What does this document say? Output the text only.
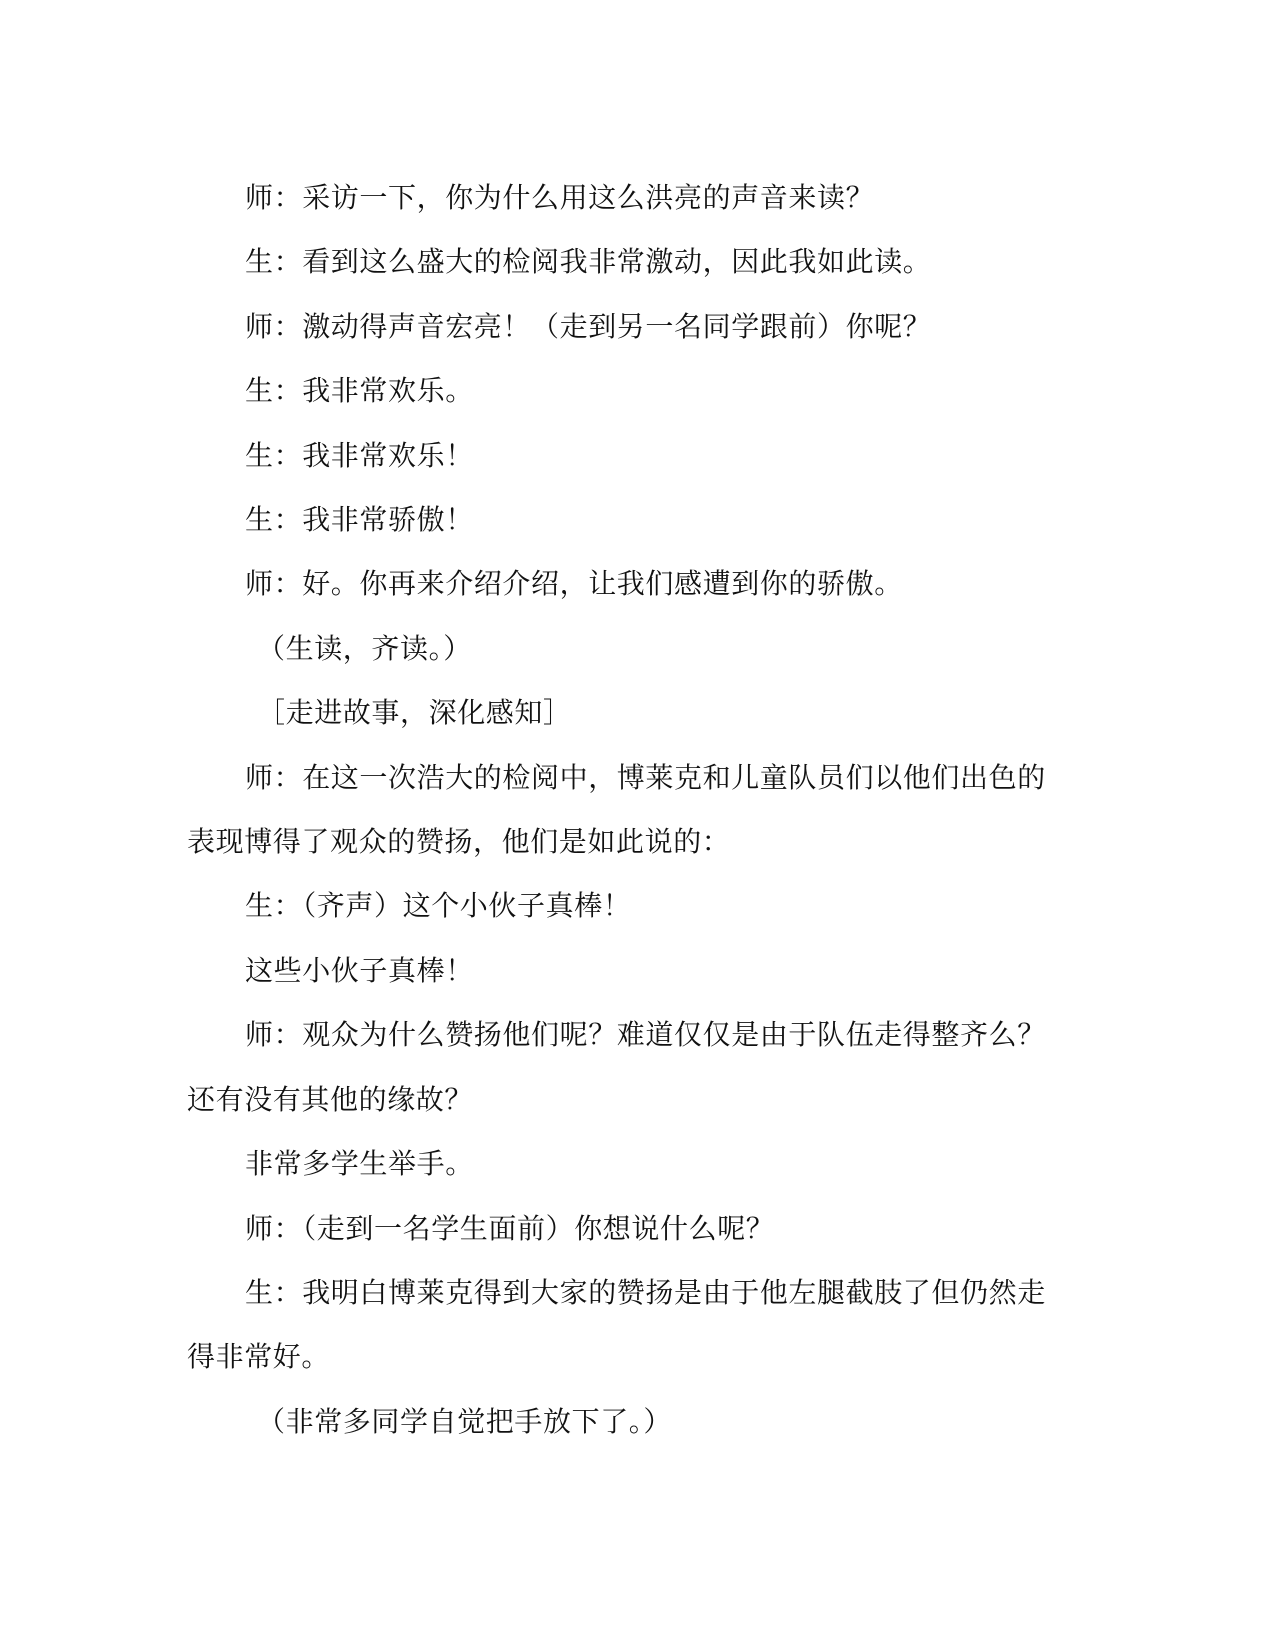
师：采访一下，你为什么用这么洪亮的声音来读？

生：看到这么盛大的检阅我非常激动，因此我如此读。

师：激动得声音宏亮！（走到另一名同学跟前）你呢？

生：我非常欢乐。

生：我非常欢乐！

生：我非常骄傲！

师：好。你再来介绍介绍，让我们感遭到你的骄傲。

（生读，齐读。）

［走进故事，深化感知］

师：在这一次浩大的检阅中，博莱克和儿童队员们以他们出色的表现博得了观众的赞扬，他们是如此说的：

生：（齐声）这个小伙子真棒！

这些小伙子真棒！

师：观众为什么赞扬他们呢？难道仅仅是由于队伍走得整齐么？还有没有其他的缘故？

非常多学生举手。

师：（走到一名学生面前）你想说什么呢？

生：我明白博莱克得到大家的赞扬是由于他左腿截肢了但仍然走得非常好。

（非常多同学自觉把手放下了。）
